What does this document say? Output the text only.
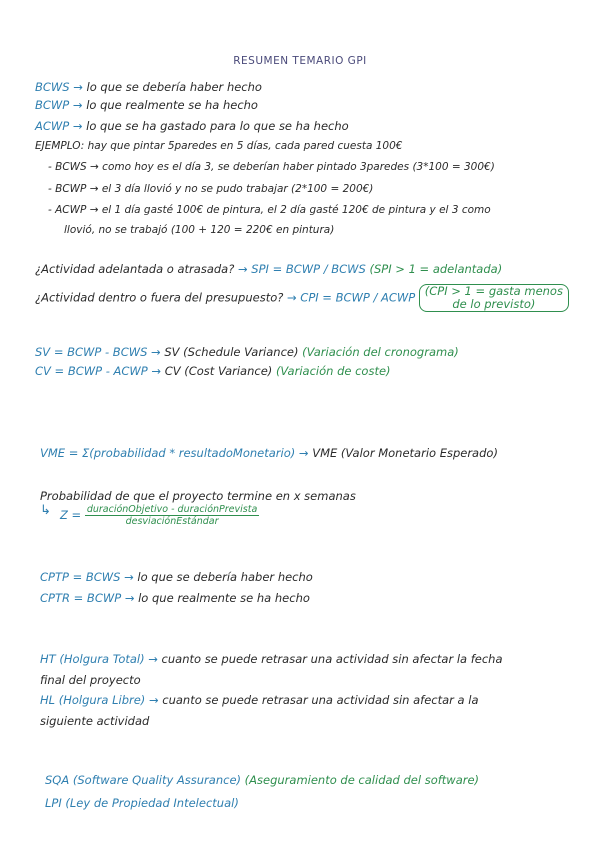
RESUMEN TEMARIO GPI
BCWS → lo que se debería haber hecho
BCWP → lo que realmente se ha hecho
ACWP → lo que se ha gastado para lo que se ha hecho
EJEMPLO: hay que pintar 5paredes en 5 días, cada pared cuesta 100€
- BCWS → como hoy es el día 3, se deberían haber pintado 3paredes (3*100 = 300€)
- BCWP → el 3 día llovió y no se pudo trabajar (2*100 = 200€)
- ACWP → el 1 día gasté 100€ de pintura, el 2 día gasté 120€ de pintura y el 3 como
llovió, no se trabajó (100 + 120 = 220€ en pintura)
¿Actividad adelantada o atrasada? → SPI = BCWP / BCWS (SPI > 1 = adelantada)
¿Actividad dentro o fuera del presupuesto? → CPI = BCWP / ACWP (CPI > 1 = gasta menos de lo previsto)
SV = BCWP - BCWS → SV (Schedule Variance) (Variación del cronograma)
CV = BCWP - ACWP → CV (Cost Variance) (Variación de coste)
VME = Σ(probabilidad * resultadoMonetario) → VME (Valor Monetario Esperado)
Probabilidad de que el proyecto termine en x semanas
↳ $Z = \frac{\text{duraciónObjetivo - duraciónPrevista}}{\text{desviaciónEstándar}}$
CPTP = BCWS → lo que se debería haber hecho
CPTR = BCWP → lo que realmente se ha hecho
HT (Holgura Total) → cuanto se puede retrasar una actividad sin afectar la fecha
final del proyecto
HL (Holgura Libre) → cuanto se puede retrasar una actividad sin afectar a la
siguiente actividad
SQA (Software Quality Assurance) (Aseguramiento de calidad del software)
LPI (Ley de Propiedad Intelectual)
